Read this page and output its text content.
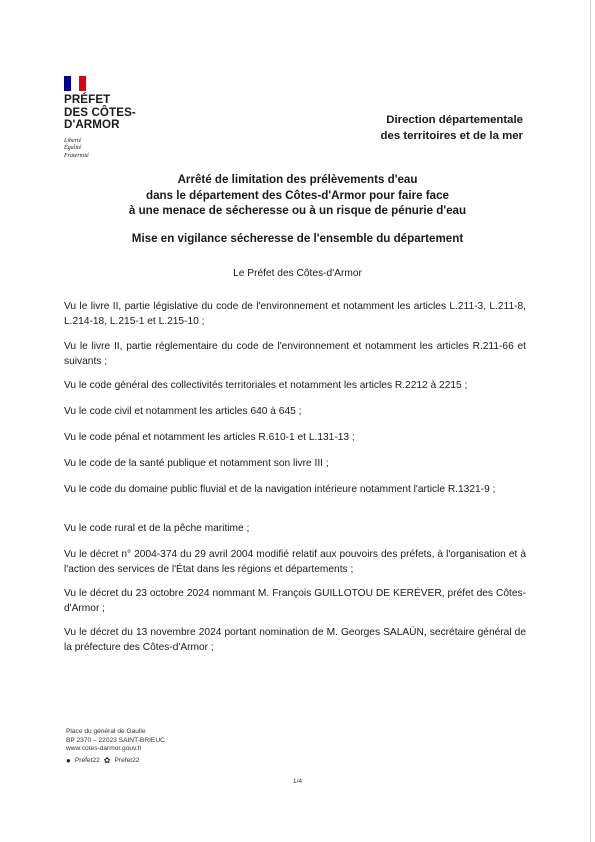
PRÉFET
DES CÔTES-
D'ARMOR
Liberté
Égalité
Fraternité
Direction départementale
des territoires et de la mer
Arrêté de limitation des prélèvements d'eau
dans le département des Côtes-d'Armor pour faire face
à une menace de sécheresse ou à un risque de pénurie d'eau
Mise en vigilance sécheresse de l'ensemble du département
Le Préfet des Côtes-d'Armor
Vu le livre II, partie législative du code de l'environnement et notamment les articles L.211-3, L.211-8, L.214-18, L.215-1 et L.215-10 ;
Vu le livre II, partie réglementaire du code de l'environnement et notamment les articles R.211-66 et suivants ;
Vu le code général des collectivités territoriales et notamment les articles R.2212 à 2215 ;
Vu le code civil et notamment les articles 640 à 645 ;
Vu le code pénal et notamment les articles R.610-1 et L.131-13 ;
Vu le code de la santé publique et notamment son livre III ;
Vu le code du domaine public fluvial et de la navigation intérieure notamment l'article R.1321-9 ;
Vu le code rural et de la pêche maritime ;
Vu le décret n° 2004-374 du 29 avril 2004 modifié relatif aux pouvoirs des préfets, à l'organisation et à l'action des services de l'État dans les régions et départements ;
Vu le décret du 23 octobre 2024 nommant M. François GUILLOTOU DE KERÉVER, préfet des Côtes-d'Armor ;
Vu le décret du 13 novembre 2024 portant nomination de M. Georges SALAÜN, secrétaire général de la préfecture des Côtes-d'Armor ;
Place du général de Gaulle
BP 2370 – 22023 SAINT-BRIEUC
www.cotes-darmor.gouv.fr
● Prefet22 ✿ Prefet22
1/4
